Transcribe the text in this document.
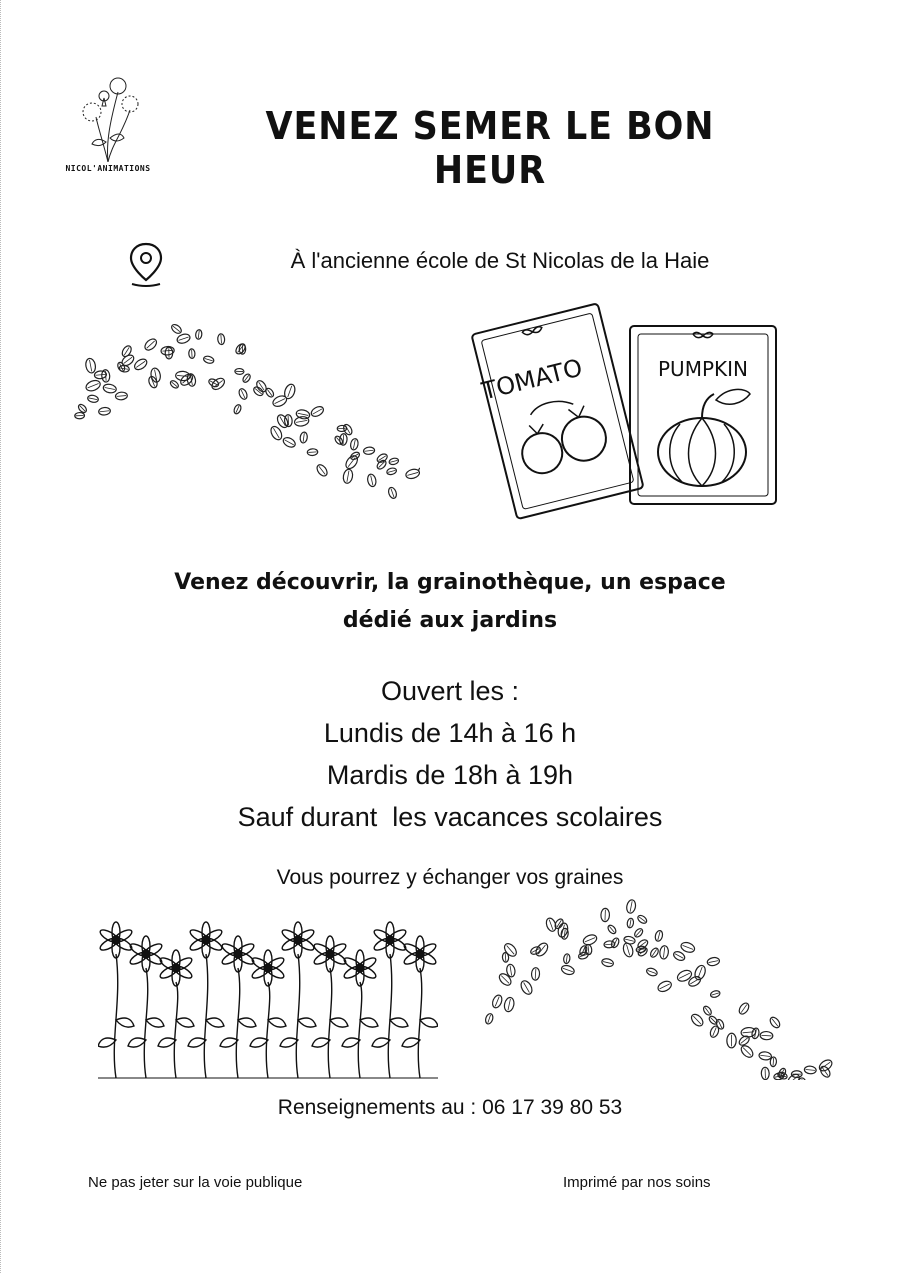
NICOL'ANIMATIONS
VENEZ SEMER LE BON HEUR
À l'ancienne école de St Nicolas de la Haie
TOMATO	PUMPKIN
Venez découvrir, la grainothèque, un espace
dédié aux jardins
Ouvert les :
Lundis de 14h à 16 h
Mardis de 18h à 19h
Sauf durant  les vacances scolaires
Vous pourrez y échanger vos graines
Renseignements au : 06 17 39 80 53
Ne pas jeter sur la voie publique	Imprimé par nos soins
